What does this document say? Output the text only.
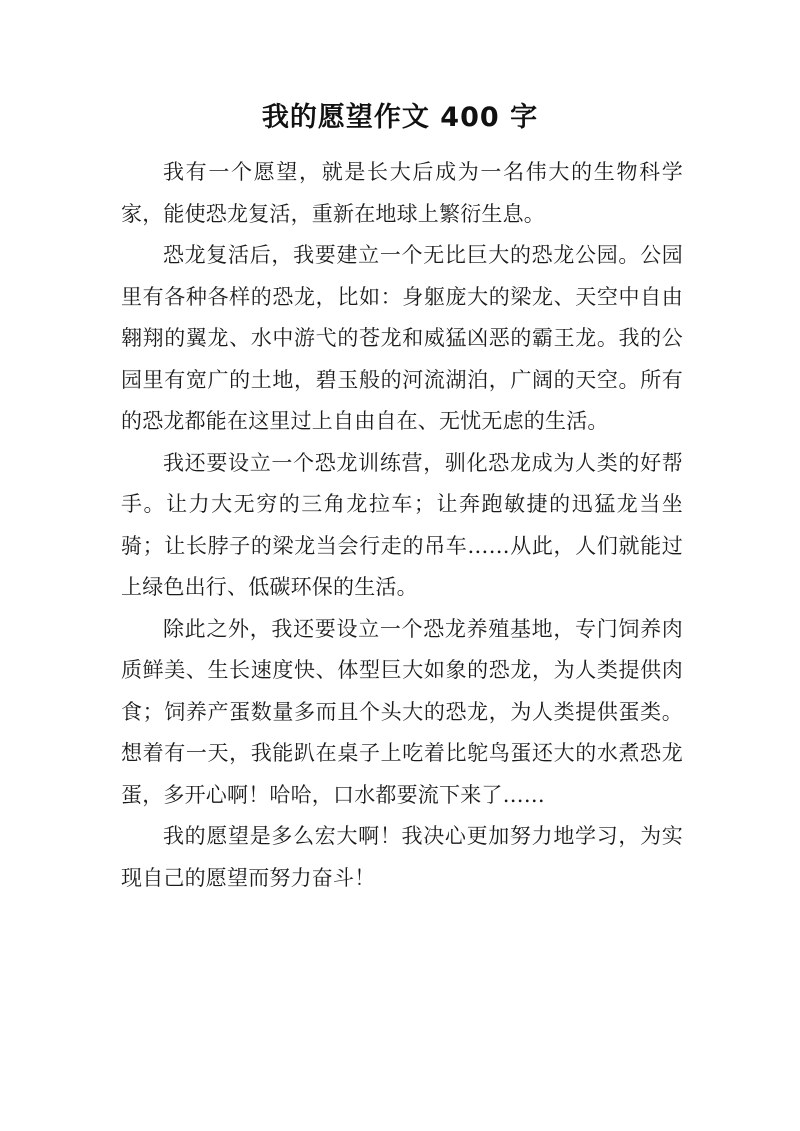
我的愿望作文 400 字

我有一个愿望，就是长大后成为一名伟大的生物科学家，能使恐龙复活，重新在地球上繁衍生息。

恐龙复活后，我要建立一个无比巨大的恐龙公园。公园里有各种各样的恐龙，比如：身躯庞大的梁龙、天空中自由翱翔的翼龙、水中游弋的苍龙和威猛凶恶的霸王龙。我的公园里有宽广的土地，碧玉般的河流湖泊，广阔的天空。所有的恐龙都能在这里过上自由自在、无忧无虑的生活。

我还要设立一个恐龙训练营，驯化恐龙成为人类的好帮手。让力大无穷的三角龙拉车；让奔跑敏捷的迅猛龙当坐骑；让长脖子的梁龙当会行走的吊车……从此，人们就能过上绿色出行、低碳环保的生活。

除此之外，我还要设立一个恐龙养殖基地，专门饲养肉质鲜美、生长速度快、体型巨大如象的恐龙，为人类提供肉食；饲养产蛋数量多而且个头大的恐龙，为人类提供蛋类。想着有一天，我能趴在桌子上吃着比鸵鸟蛋还大的水煮恐龙蛋，多开心啊！哈哈，口水都要流下来了……

我的愿望是多么宏大啊！我决心更加努力地学习，为实现自己的愿望而努力奋斗！
